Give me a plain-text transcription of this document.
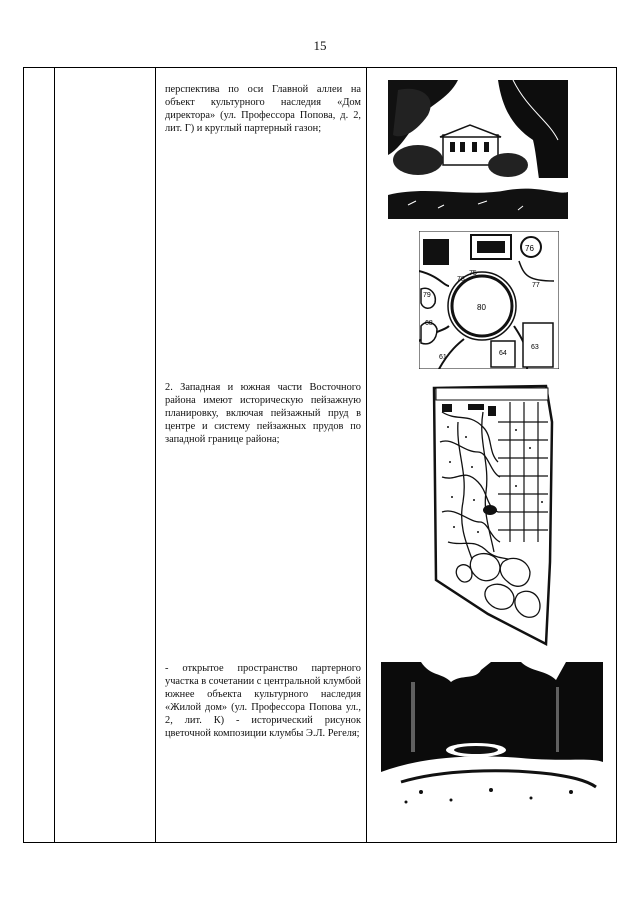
15
перспектива по оси Главной аллеи на объект культурного наследия «Дом директора» (ул. Профессора Попова, д. 2, лит. Г) и круглый партерный газон;
2. Западная и южная части Восточного района имеют историческую пейзажную планировку, включая пейзажный пруд в центре и систему пейзажных прудов по западной границе района;
- открытое пространство партерного участка в сочетании с центральной клумбой южнее объекта культурного наследия «Жилой дом» (ул. Профессора Попова ул., 2, лит. К) - исторический рисунок цветочной композиции клумбы Э.Л. Регеля;
76
75
77
79
78
80
68
64
63
61
